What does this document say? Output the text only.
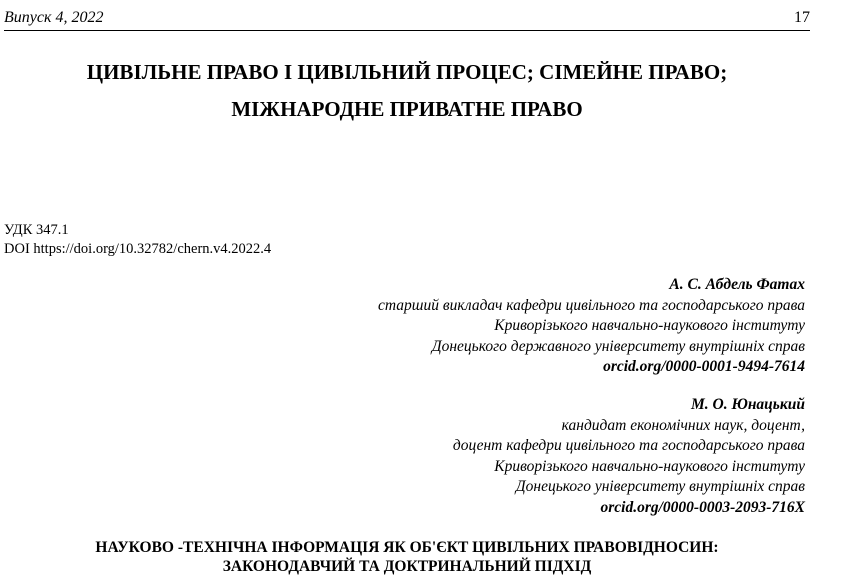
Випуск 4, 2022	17
ЦИВІЛЬНЕ ПРАВО І ЦИВІЛЬНИЙ ПРОЦЕС; СІМЕЙНЕ ПРАВО;
МІЖНАРОДНЕ ПРИВАТНЕ ПРАВО
УДК 347.1
DOI https://doi.org/10.32782/chern.v4.2022.4
А. С. Абдель Фатах
старший викладач кафедри цивільного та господарського права
Криворізького навчально-наукового інституту
Донецького державного університету внутрішніх справ
orcid.org/0000-0001-9494-7614
М. О. Юнацький
кандидат економічних наук, доцент,
доцент кафедри цивільного та господарського права
Криворізького навчально-наукового інституту
Донецького університету внутрішніх справ
orcid.org/0000-0003-2093-716X
НАУКОВО -ТЕХНІЧНА ІНФОРМАЦІЯ ЯК ОБ'ЄКТ ЦИВІЛЬНИХ ПРАВОВІДНОСИН:
ЗАКОНОДАВЧИЙ ТА ДОКТРИНАЛЬНИЙ ПІДХІД
